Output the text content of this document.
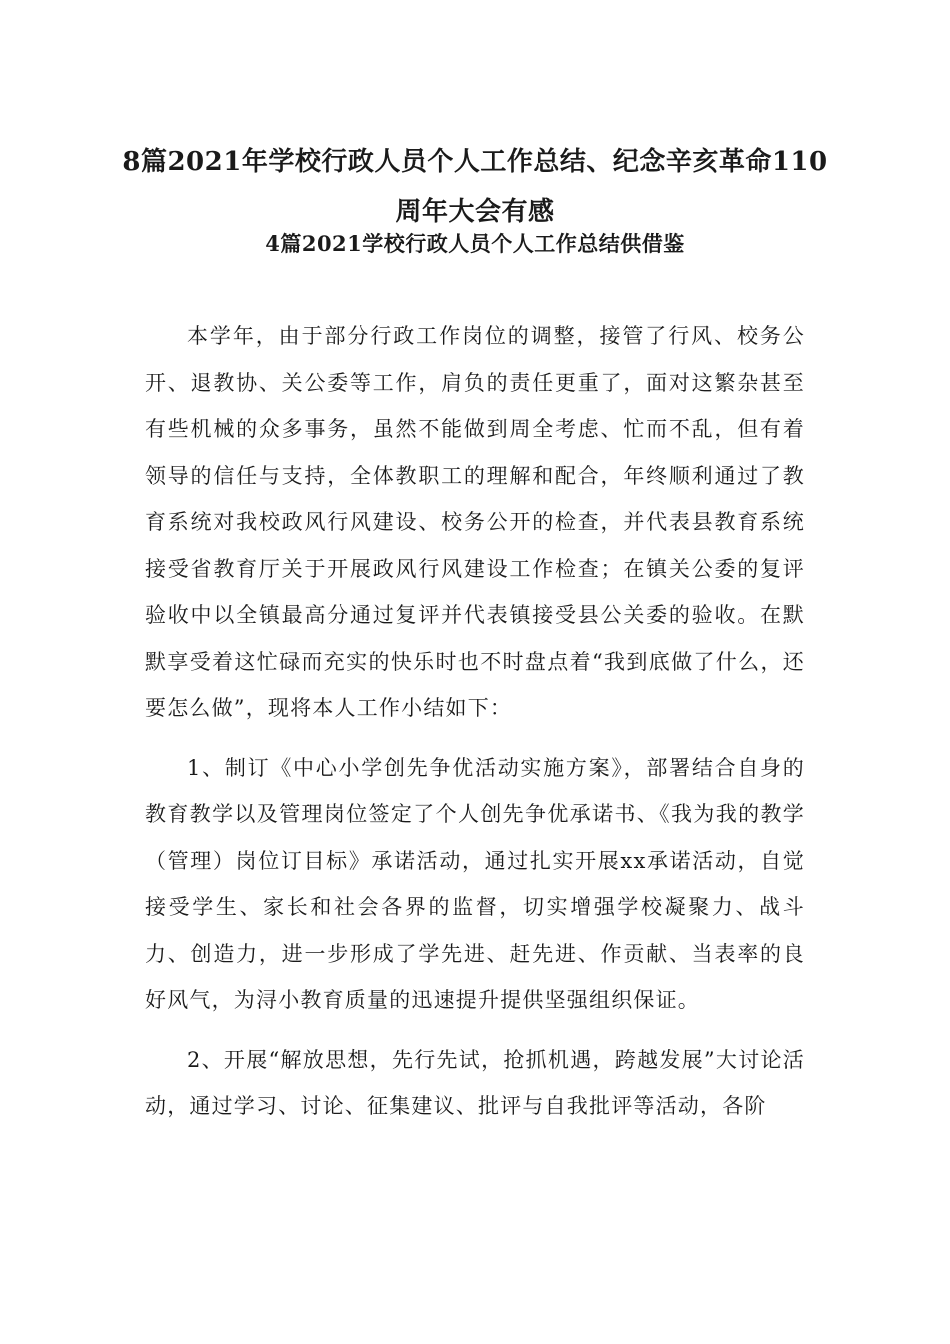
8篇2021年学校行政人员个人工作总结、纪念辛亥革命110周年大会有感
4篇2021学校行政人员个人工作总结供借鉴

本学年，由于部分行政工作岗位的调整，接管了行风、校务公开、退教协、关公委等工作，肩负的责任更重了，面对这繁杂甚至有些机械的众多事务，虽然不能做到周全考虑、忙而不乱，但有着领导的信任与支持，全体教职工的理解和配合，年终顺利通过了教育系统对我校政风行风建设、校务公开的检查，并代表县教育系统接受省教育厅关于开展政风行风建设工作检查；在镇关公委的复评验收中以全镇最高分通过复评并代表镇接受县公关委的验收。在默默享受着这忙碌而充实的快乐时也不时盘点着“我到底做了什么，还要怎么做”，现将本人工作小结如下：

1、制订《中心小学创先争优活动实施方案》，部署结合自身的教育教学以及管理岗位签定了个人创先争优承诺书、《我为我的教学（管理）岗位订目标》承诺活动，通过扎实开展xx承诺活动，自觉接受学生、家长和社会各界的监督，切实增强学校凝聚力、战斗力、创造力，进一步形成了学先进、赶先进、作贡献、当表率的良好风气，为浔小教育质量的迅速提升提供坚强组织保证。

2、开展“解放思想，先行先试，抢抓机遇，跨越发展”大讨论活动，通过学习、讨论、征集建议、批评与自我批评等活动，各阶
